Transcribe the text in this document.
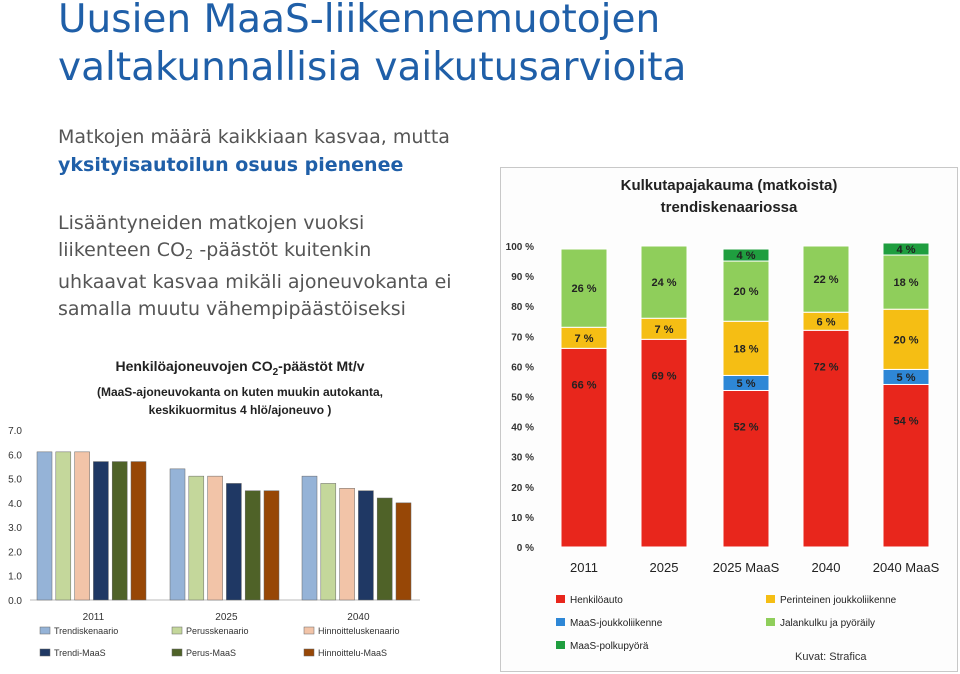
Uusien MaaS-liikennemuotojen
valtakunnallisia vaikutusarvioita
Matkojen määrä kaikkiaan kasvaa, mutta
yksityisautoilun osuus pienenee
Lisääntyneiden matkojen vuoksi
liikenteen $CO_2$ -päästöt kuitenkin
uhkaavat kasvaa mikäli ajoneuvokanta ei
samalla muutu vähempipäästöiseksi
0.0
1.0
2.0
3.0
4.0
5.0
6.0
7.0
2011	2025	2040
Trendiskenaario	Perusskenaario	Hinnoitteluskenaario
Trendi-MaaS	Perus-MaaS	Hinnoittelu-MaaS
Henkilöajoneuvojen $CO_2$-päästöt Mt/v
(MaaS-ajoneuvokanta on kuten muukin autokanta,
keskikuormitus 4 hlö/ajoneuvo )
0 %
10 %
20 %
30 %
40 %
50 %
60 %
70 %
80 %
90 %
100 %
66 %
7 %
26 %
2011
69 %
7 %
24 %
2025
52 %
5 %
18 %
20 %
4 %
2025 MaaS
72 %
6 %
22 %
2040
54 %
5 %
20 %
18 %
4 %
2040 MaaS
Henkilöauto	Perinteinen joukkoliikenne
MaaS-joukkoliikenne	Jalankulku ja pyöräily
MaaS-polkupyörä
Kulkutapajakauma (matkoista)
trendiskenaariossa
Kuvat: Strafica
